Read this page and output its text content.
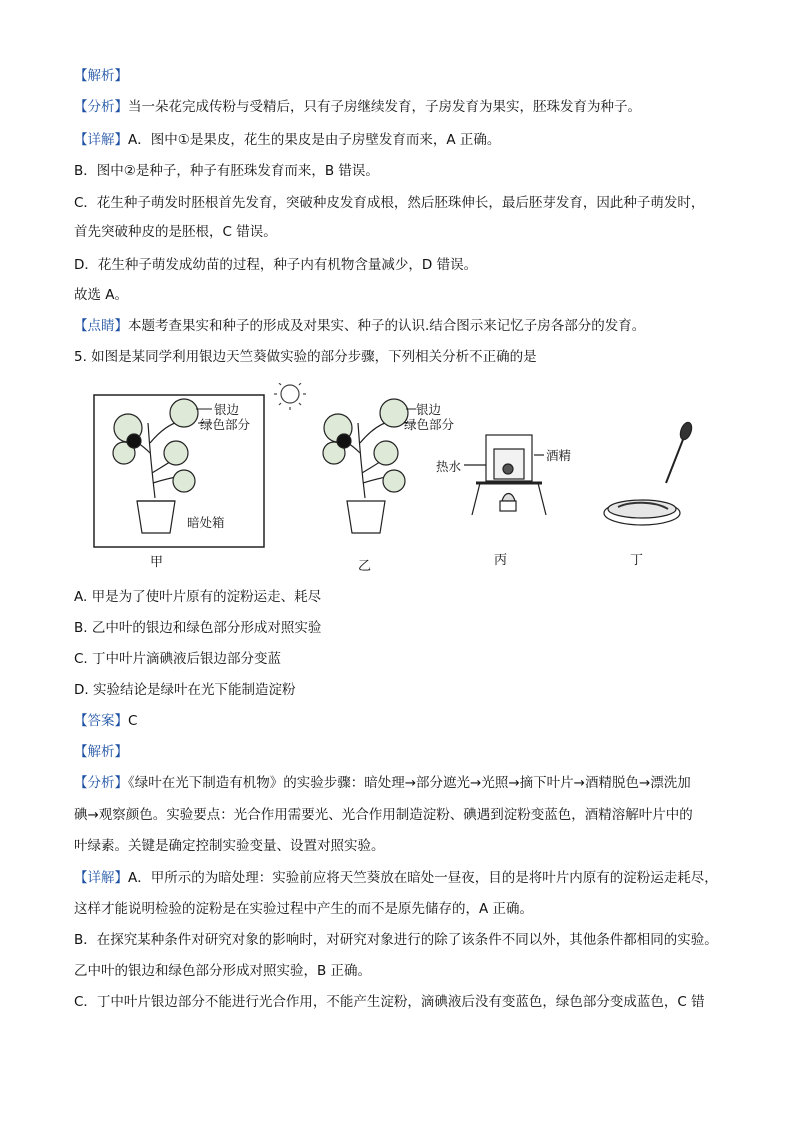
【解析】
【分析】当一朵花完成传粉与受精后，只有子房继续发育，子房发育为果实，胚珠发育为种子。
【详解】A．图中①是果皮，花生的果皮是由子房壁发育而来，A 正确。
B．图中②是种子，种子有胚珠发育而来，B 错误。
C．花生种子萌发时胚根首先发育，突破种皮发育成根，然后胚珠伸长，最后胚芽发育，因此种子萌发时，
首先突破种皮的是胚根，C 错误。
D．花生种子萌发成幼苗的过程，种子内有机物含量减少，D 错误。
故选 A。
【点睛】本题考查果实和种子的形成及对果实、种子的认识.结合图示来记忆子房各部分的发育。
5. 如图是某同学利用银边天竺葵做实验的部分步骤，下列相关分析不正确的是
银边
绿色部分
暗处箱
银边
绿色部分
热水
酒精
甲	乙	丙	丁
A. 甲是为了使叶片原有的淀粉运走、耗尽
B. 乙中叶的银边和绿色部分形成对照实验
C. 丁中叶片滴碘液后银边部分变蓝
D. 实验结论是绿叶在光下能制造淀粉
【答案】C
【解析】
【分析】《绿叶在光下制造有机物》的实验步骤：暗处理→部分遮光→光照→摘下叶片→酒精脱色→漂洗加
碘→观察颜色。实验要点：光合作用需要光、光合作用制造淀粉、碘遇到淀粉变蓝色，酒精溶解叶片中的
叶绿素。关键是确定控制实验变量、设置对照实验。
【详解】A．甲所示的为暗处理：实验前应将天竺葵放在暗处一昼夜，目的是将叶片内原有的淀粉运走耗尽，
这样才能说明检验的淀粉是在实验过程中产生的而不是原先储存的，A 正确。
B．在探究某种条件对研究对象的影响时，对研究对象进行的除了该条件不同以外，其他条件都相同的实验。
乙中叶的银边和绿色部分形成对照实验，B 正确。
C．丁中叶片银边部分不能进行光合作用，不能产生淀粉，滴碘液后没有变蓝色，绿色部分变成蓝色，C 错
